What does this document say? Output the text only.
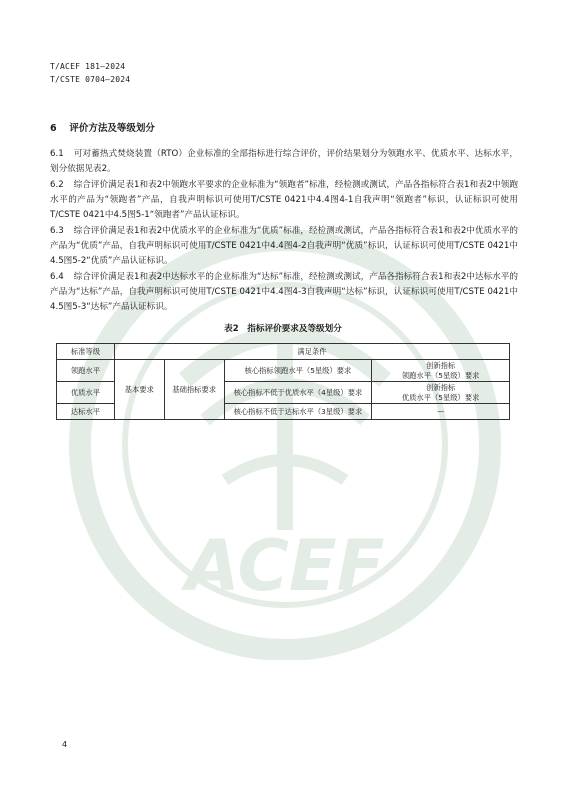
ACEF
T/ACEF 181—2024
T/CSTE 0704—2024
6 评价方法及等级划分
6.1 可对蓄热式焚烧装置（RTO）企业标准的全部指标进行综合评价，评价结果划分为领跑水平、优质水平、达标水平，划分依据见表2。
6.2 综合评价满足表1和表2中领跑水平要求的企业标准为“领跑者”标准，经检测或测试，产品各指标符合表1和表2中领跑水平的产品为“领跑者”产品，自我声明标识可使用T/CSTE 0421中4.4图4-1自我声明“领跑者”标识，认证标识可使用T/CSTE 0421中4.5图5-1“领跑者”产品认证标识。
6.3 综合评价满足表1和表2中优质水平的企业标准为“优质”标准，经检测或测试，产品各指标符合表1和表2中优质水平的产品为“优质”产品，自我声明标识可使用T/CSTE 0421中4.4图4-2自我声明“优质”标识，认证标识可使用T/CSTE 0421中4.5图5-2“优质”产品认证标识。
6.4 综合评价满足表1和表2中达标水平的企业标准为“达标”标准，经检测或测试，产品各指标符合表1和表2中达标水平的产品为“达标”产品，自我声明标识可使用T/CSTE 0421中4.4图4-3自我声明“达标”标识，认证标识可使用T/CSTE 0421中4.5图5-3“达标”产品认证标识。
表2　指标评价要求及等级划分
标准等级	满足条件			
领跑水平	基本要求	基础指标要求	核心指标领跑水平（5星级）要求	创新指标
领跑水平（5星级）要求

优质水平			核心指标不低于优质水平（4星级）要求	创新指标
优质水平（5星级）要求

达标水平			核心指标不低于达标水平（3星级）要求	—
4
